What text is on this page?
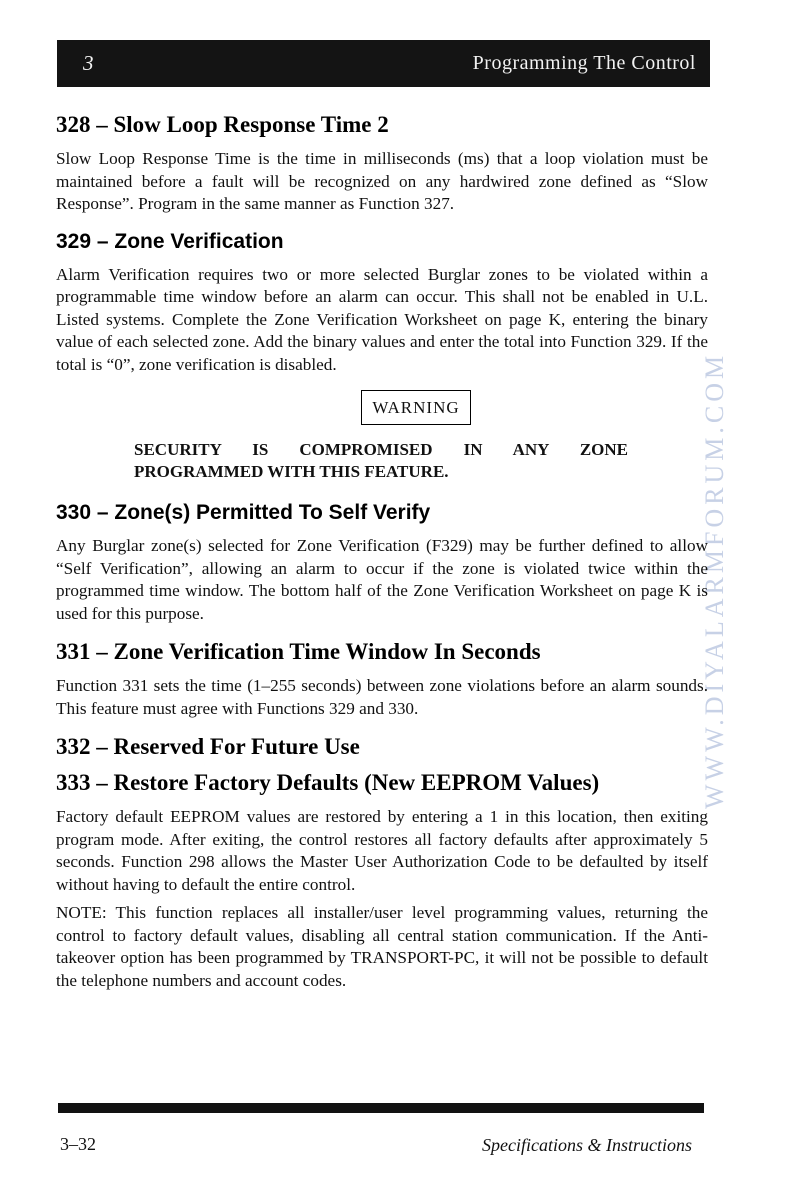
3	Programming The Control
WWW.DIYALARMFORUM.COM
328 – Slow Loop Response Time 2

Slow Loop Response Time is the time in milliseconds (ms) that a loop violation must be maintained before a fault will be recognized on any hardwired zone defined as “Slow Response”. Program in the same manner as Function 327.

329 – Zone Verification

Alarm Verification requires two or more selected Burglar zones to be violated within a programmable time window before an alarm can occur. This shall not be enabled in U.L. Listed systems. Complete the Zone Verification Worksheet on page K, entering the binary value of each selected zone. Add the binary values and enter the total into Function 329. If the total is “0”, zone verification is disabled.

WARNING
SECURITY IS COMPROMISED IN ANY ZONE
PROGRAMMED WITH THIS FEATURE.
330 – Zone(s) Permitted To Self Verify

Any Burglar zone(s) selected for Zone Verification (F329) may be further defined to allow “Self Verification”, allowing an alarm to occur if the zone is violated twice within the programmed time window. The bottom half of the Zone Verification Worksheet on page K is used for this purpose.

331 – Zone Verification Time Window In Seconds

Function 331 sets the time (1–255 seconds) between zone violations before an alarm sounds. This feature must agree with Functions 329 and 330.

332 – Reserved For Future Use
333 – Restore Factory Defaults (New EEPROM Values)

Factory default EEPROM values are restored by entering a 1 in this location, then exiting program mode. After exiting, the control restores all factory defaults after approximately 5 seconds. Function 298 allows the Master User Authorization Code to be defaulted by itself without having to default the entire control.

NOTE: This function replaces all installer/user level programming values, returning the control to factory default values, disabling all central station communication. If the Anti-takeover option has been programmed by TRANSPORT-PC, it will not be possible to default the telephone numbers and account codes.

3–32	Specifications & Instructions
